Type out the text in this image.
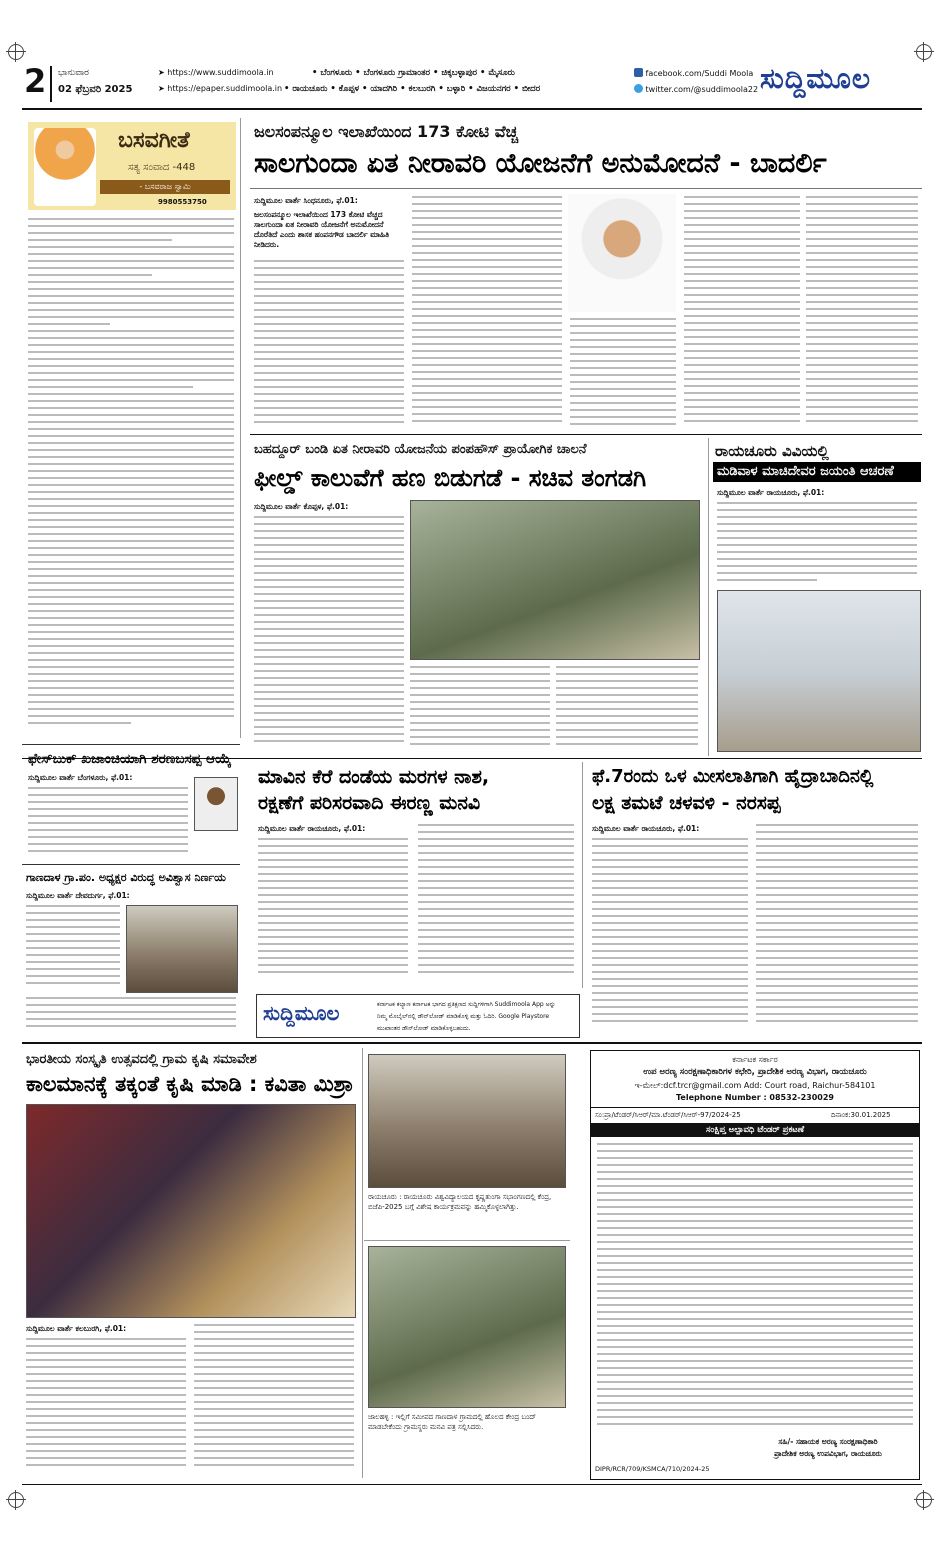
2 ಭಾನುವಾರ
02 ಫೆಬ್ರವರಿ 2025
➤ https://www.suddimoola.in
➤ https://epaper.suddimoola.in
• ಬೆಂಗಳೂರು • ಬೆಂಗಳೂರು ಗ್ರಾಮಾಂತರ • ಚಿಕ್ಕಬಳ್ಳಾಪುರ • ಮೈಸೂರು
• ರಾಯಚೂರು • ಕೊಪ್ಪಳ • ಯಾದಗಿರಿ • ಕಲಬುರಗಿ • ಬಳ್ಳಾರಿ • ವಿಜಯನಗರ • ಬೀದರ
facebook.com/Suddi Moola
twitter.com/@suddimoola22 ಸುದ್ದಿಮೂಲ
ಬಸವಗೀತೆ
ಸತ್ಯ ಸಂವಾದ -448
- ಬಸವರಾಜ ಸ್ವಾಮಿ
9980553750
ಜಲಸಂಪನ್ಮೂಲ ಇಲಾಖೆಯಿಂದ 173 ಕೋಟಿ ವೆಚ್ಚ
ಸಾಲಗುಂದಾ ಏತ ನೀರಾವರಿ ಯೋಜನೆಗೆ ಅನುಮೋದನೆ - ಬಾದರ್ಲಿ
ಸುದ್ದಿಮೂಲ ವಾರ್ತೆ ಸಿಂಧನೂರು, ಫೆ.01:
ಜಲಸಂಪನ್ಮೂಲ ಇಲಾಖೆಯಿಂದ 173 ಕೋಟಿ ವೆಚ್ಚದ ಸಾಲಗುಂದಾ ಏತ ನೀರಾವರಿ ಯೋಜನೆಗೆ ಅನುಮೋದನೆ ದೊರೆತಿದೆ ಎಂದು ಶಾಸಕ ಹಂಪನಗೌಡ ಬಾದರ್ಲಿ ಮಾಹಿತಿ ನೀಡಿದರು.
ಬಹದ್ದೂರ್ ಬಂಡಿ ಏತ ನೀರಾವರಿ ಯೋಜನೆಯ ಪಂಪಹೌಸ್ ಪ್ರಾಯೋಗಿಕ ಚಾಲನೆ
ಫೀಲ್ಡ್ ಕಾಲುವೆಗೆ ಹಣ ಬಿಡುಗಡೆ - ಸಚಿವ ತಂಗಡಗಿ
ಸುದ್ದಿಮೂಲ ವಾರ್ತೆ ಕೊಪ್ಪಳ, ಫೆ.01:
ರಾಯಚೂರು ವಿವಿಯಲ್ಲಿ
ಮಡಿವಾಳ ಮಾಚಿದೇವರ ಜಯಂತಿ ಆಚರಣೆ
ಸುದ್ದಿಮೂಲ ವಾರ್ತೆ ರಾಯಚೂರು, ಫೆ.01:
ಫೇಸ್‌ಬುಕ್ ಖಜಾಂಚಿಯಾಗಿ ಶರಣಬಸಪ್ಪ ಆಯ್ಕೆ
ಸುದ್ದಿಮೂಲ ವಾರ್ತೆ ಬೆಂಗಳೂರು, ಫೆ.01:
ಗಾಣದಾಳ ಗ್ರಾ.ಪಂ. ಅಧ್ಯಕ್ಷರ ವಿರುದ್ಧ ಅವಿಶ್ವಾಸ ನಿರ್ಣಯ
ಸುದ್ದಿಮೂಲ ವಾರ್ತೆ ದೇವದುರ್ಗ, ಫೆ.01:
ಮಾವಿನ ಕೆರೆ ದಂಡೆಯ ಮರಗಳ ನಾಶ,
ರಕ್ಷಣೆಗೆ ಪರಿಸರವಾದಿ ಈರಣ್ಣ ಮನವಿ
ಸುದ್ದಿಮೂಲ ವಾರ್ತೆ ರಾಯಚೂರು, ಫೆ.01:
ಫೆ.7ರಂದು ಒಳ ಮೀಸಲಾತಿಗಾಗಿ ಹೈದ್ರಾಬಾದಿನಲ್ಲಿ
ಲಕ್ಷ ತಮಟೆ ಚಳವಳಿ - ನರಸಪ್ಪ
ಸುದ್ದಿಮೂಲ ವಾರ್ತೆ ರಾಯಚೂರು, ಫೆ.01:
ಸುದ್ದಿಮೂಲ	ಕರ್ನಾಟಕ ಕಲ್ಯಾಣ ಕರ್ನಾಟಕ ಭಾಗದ ಪ್ರತಿಕ್ಷಣದ ಸುದ್ದಿಗಳಿಗಾಗಿ Suddimoola App ಅನ್ನು
ನಿಮ್ಮ ಮೊಬೈಲ್‌ನಲ್ಲಿ ಡೌನ್‌ಲೋಡ್ ಮಾಡಿಕೊಳ್ಳಿ ಮತ್ತು ಓದಿರಿ. Google Playstore
ಮುಖಾಂತರ ಡೌನ್‌ಲೋಡ್ ಮಾಡಿಕೊಳ್ಳಬಹುದು.
ಭಾರತೀಯ ಸಂಸ್ಕೃತಿ ಉತ್ಸವದಲ್ಲಿ ಗ್ರಾಮ ಕೃಷಿ ಸಮಾವೇಶ
ಕಾಲಮಾನಕ್ಕೆ ತಕ್ಕಂತೆ ಕೃಷಿ ಮಾಡಿ : ಕವಿತಾ ಮಿಶ್ರಾ
ಸುದ್ದಿಮೂಲ ವಾರ್ತೆ ಕಲಬುರಗಿ, ಫೆ.01:
ರಾಯಚೂರು : ರಾಯಚೂರು ವಿಶ್ವವಿದ್ಯಾಲಯದ ಕೃಷ್ಣತುಂಗಾ ಸಭಾಂಗಣದಲ್ಲಿ ಕೆಂದ್ರ, ಬಿಜೆಪಿ-2025 ಬಗ್ಗೆ ವಿಶೇಷ ಕಾರ್ಯಕ್ರಮವನ್ನು ಹಮ್ಮಿಕೊಳ್ಳಲಾಗಿತ್ತು.
ಜಾಲಹಳ್ಳಿ : ಇಲ್ಲಿಗೆ ಸಮೀಪದ ಗಾಣದಾಳ ಗ್ರಾಮದಲ್ಲಿ ಹೊಲದ ಕೇಂದ್ರ ಬಂದ್ ಮಾಡಬೇಕೆಂದು ಗ್ರಾಮಸ್ಥರು ಮನವಿ ಪತ್ರ ಸಲ್ಲಿಸಿದರು.
ಕರ್ನಾಟಕ ಸರ್ಕಾರ
ಉಪ ಅರಣ್ಯ ಸಂರಕ್ಷಣಾಧಿಕಾರಿಗಳ ಕಛೇರಿ, ಪ್ರಾದೇಶಿಕ ಅರಣ್ಯ ವಿಭಾಗ, ರಾಯಚೂರು
ಇ-ಮೇಲ್:dcf.trcr@gmail.com Add: Court road, Raichur-584101
Telephone Number : 08532-230029
ಸಂ:ಪ್ರಾ/ಟೆಂಡರ್/ಸಿಆರ್/ಮಾ.ಟೆಂಡರ್/ಸಿಆರ್-97/2024-25	ದಿನಾಂಕ:30.01.2025
ಸಂಕ್ಷಿಪ್ತ ಅಲ್ಪಾವಧಿ ಟೆಂಡರ್ ಪ್ರಕಟಣೆ
ಸಹಿ/- ಸಹಾಯಕ ಅರಣ್ಯ ಸಂರಕ್ಷಣಾಧಿಕಾರಿ
ಪ್ರಾದೇಶಿಕ ಅರಣ್ಯ ಉಪವಿಭಾಗ, ರಾಯಚೂರು
DIPR/RCR/709/KSMCA/710/2024-25
